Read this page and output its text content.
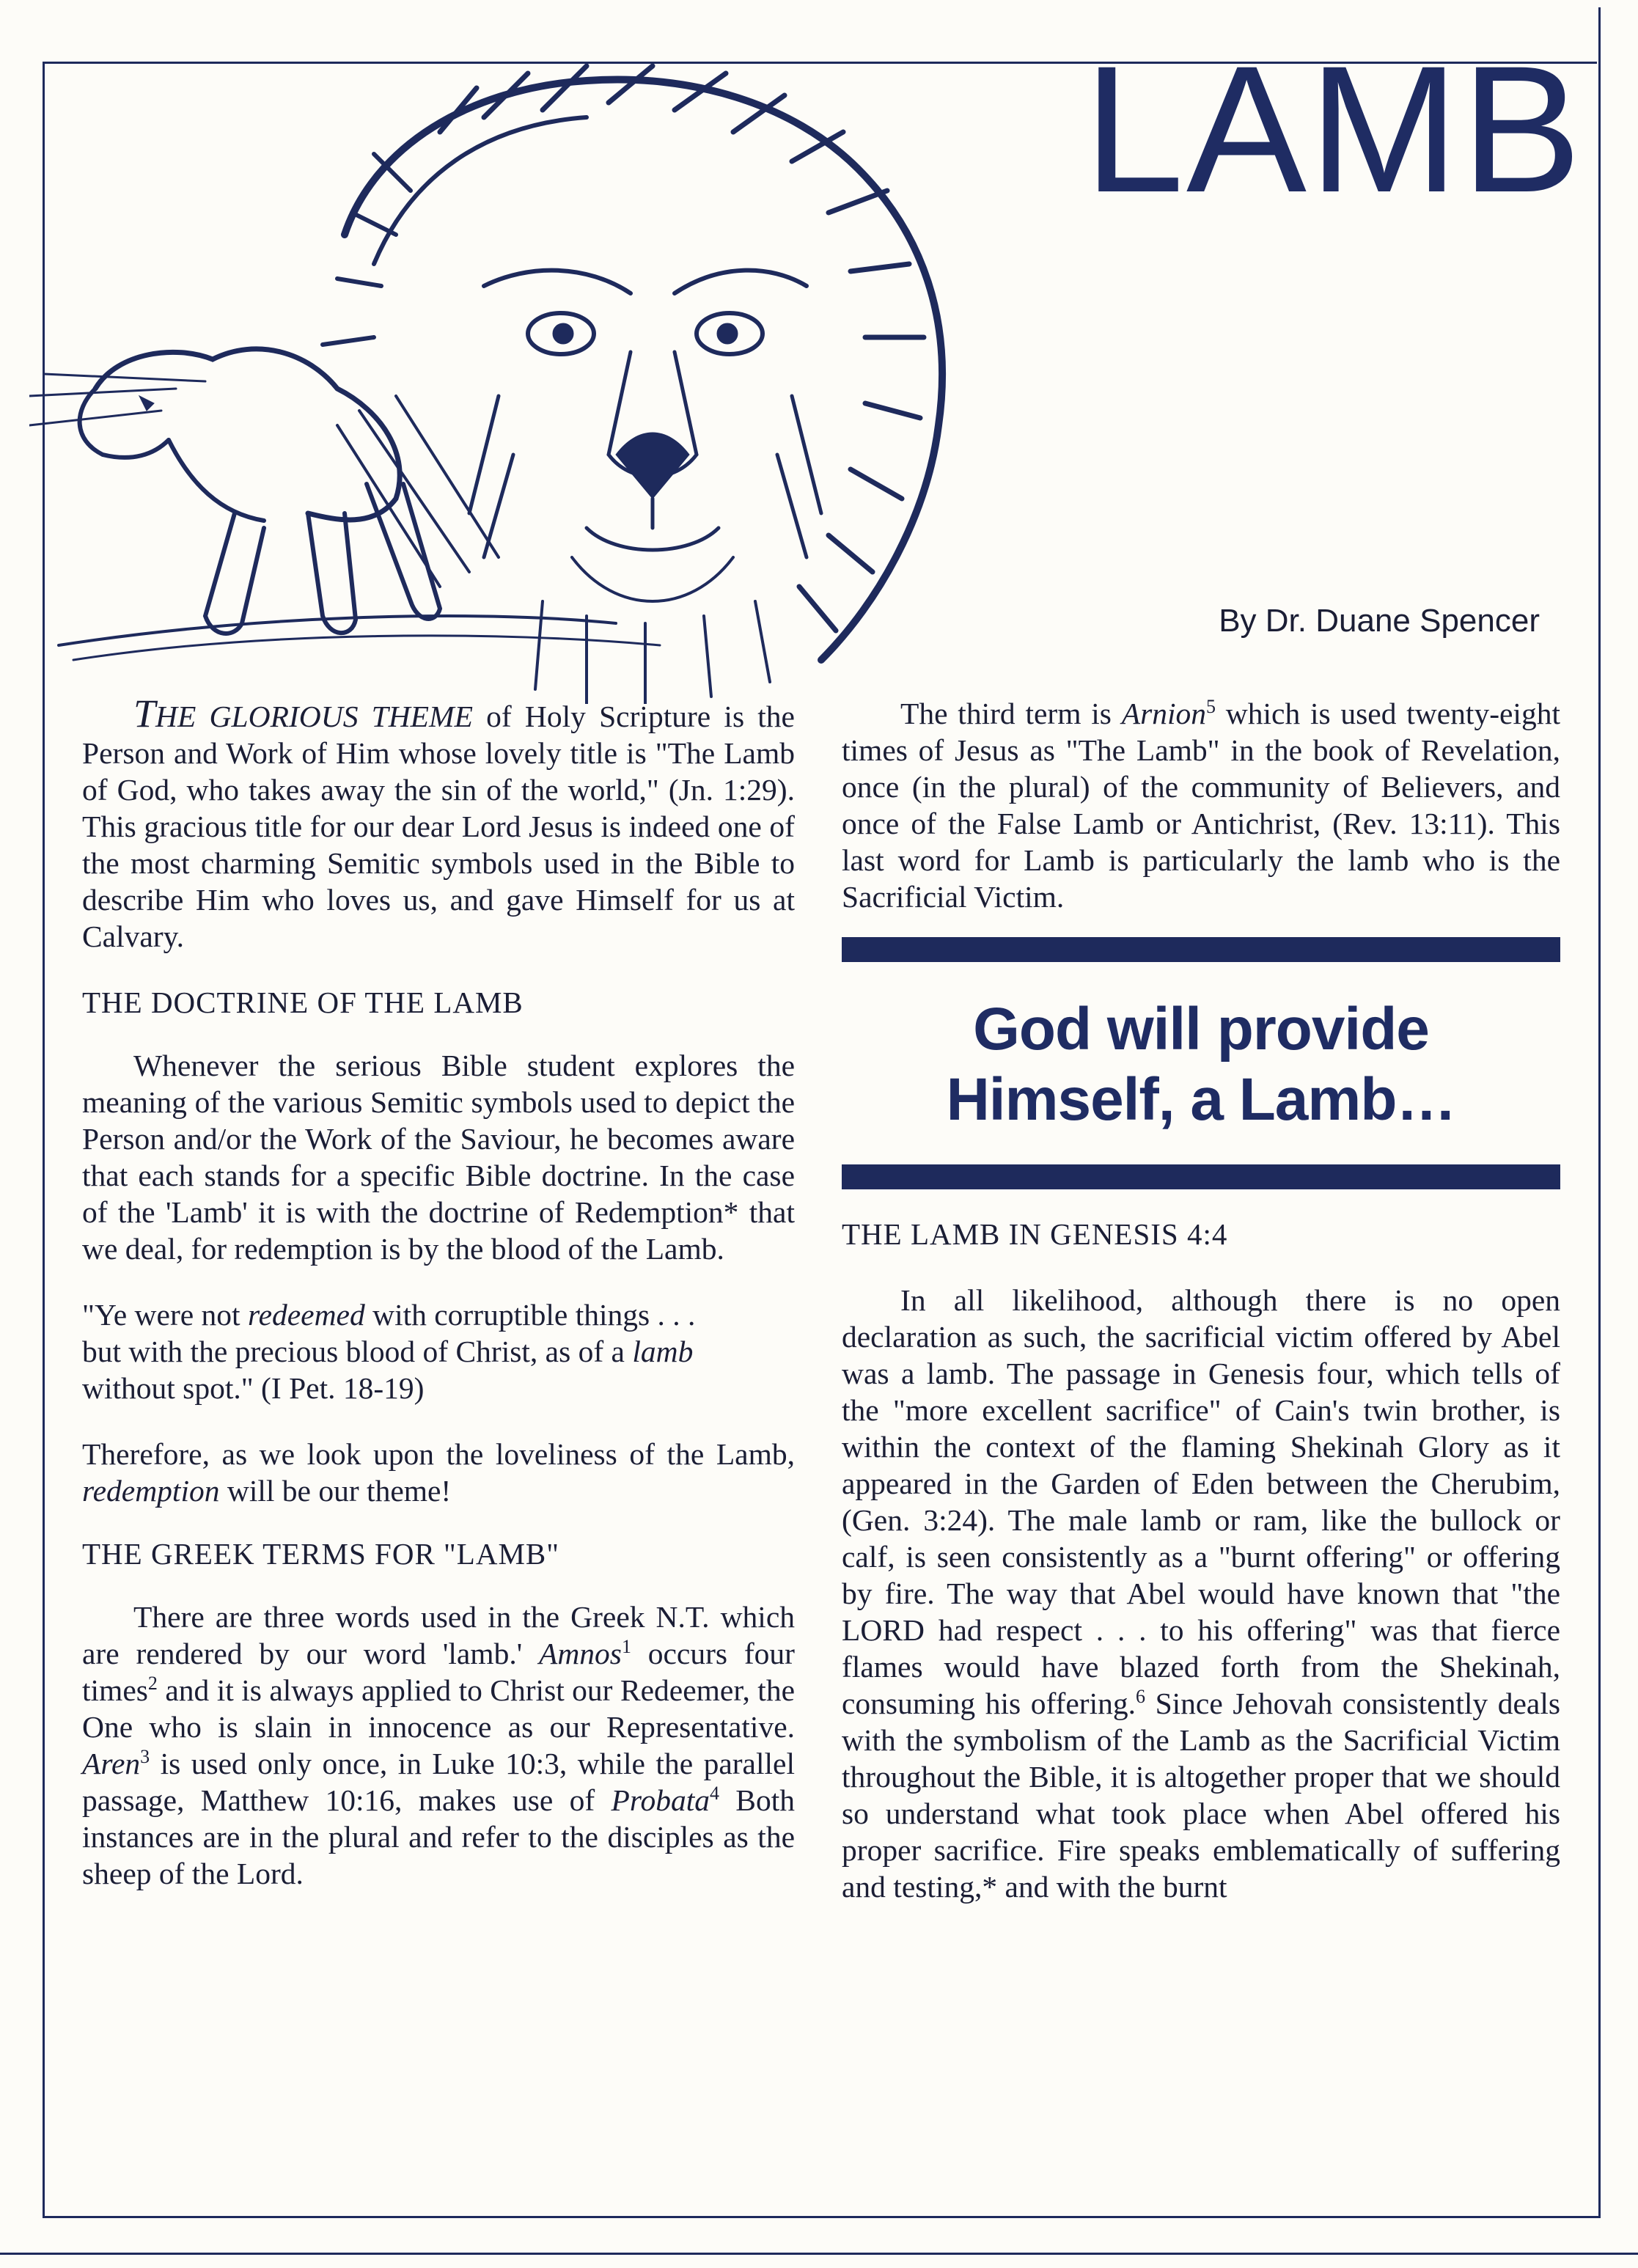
LAMB
By Dr. Duane Spencer

THE GLORIOUS THEME of Holy Scripture is the Person and Work of Him whose lovely title is "The Lamb of God, who takes away the sin of the world," (Jn. 1:29). This gracious title for our dear Lord Jesus is indeed one of the most charming Semitic symbols used in the Bible to describe Him who loves us, and gave Himself for us at Calvary.

THE DOCTRINE OF THE LAMB

Whenever the serious Bible student explores the meaning of the various Semitic symbols used to depict the Person and/or the Work of the Saviour, he becomes aware that each stands for a specific Bible doctrine. In the case of the 'Lamb' it is with the doctrine of Redemption* that we deal, for redemption is by the blood of the Lamb.

"Ye were not redeemed with corruptible things . . . but with the precious blood of Christ, as of a lamb without spot." (I Pet. 18-19)

Therefore, as we look upon the loveliness of the Lamb, redemption will be our theme!

THE GREEK TERMS FOR "LAMB"

There are three words used in the Greek N.T. which are rendered by our word 'lamb.' Amnos$^1$ occurs four times$^2$ and it is always applied to Christ our Redeemer, the One who is slain in innocence as our Representative. Aren$^3$ is used only once, in Luke 10:3, while the parallel passage, Matthew 10:16, makes use of Probata$^4$ Both instances are in the plural and refer to the disciples as the sheep of the Lord.

The third term is Arnion$^5$ which is used twenty-eight times of Jesus as "The Lamb" in the book of Revelation, once (in the plural) of the community of Believers, and once of the False Lamb or Antichrist, (Rev. 13:11). This last word for Lamb is particularly the lamb who is the Sacrificial Victim.

God will provide
Himself, a Lamb…

THE LAMB IN GENESIS 4:4

In all likelihood, although there is no open declaration as such, the sacrificial victim offered by Abel was a lamb. The passage in Genesis four, which tells of the "more excellent sacrifice" of Cain's twin brother, is within the context of the flaming Shekinah Glory as it appeared in the Garden of Eden between the Cherubim, (Gen. 3:24). The male lamb or ram, like the bullock or calf, is seen consistently as a "burnt offering" or offering by fire. The way that Abel would have known that "the LORD had respect . . . to his offering" was that fierce flames would have blazed forth from the Shekinah, consuming his offering.$^6$ Since Jehovah consistently deals with the symbolism of the Lamb as the Sacrificial Victim throughout the Bible, it is altogether proper that we should so understand what took place when Abel offered his proper sacrifice. Fire speaks emblematically of suffering and testing,* and with the burnt
